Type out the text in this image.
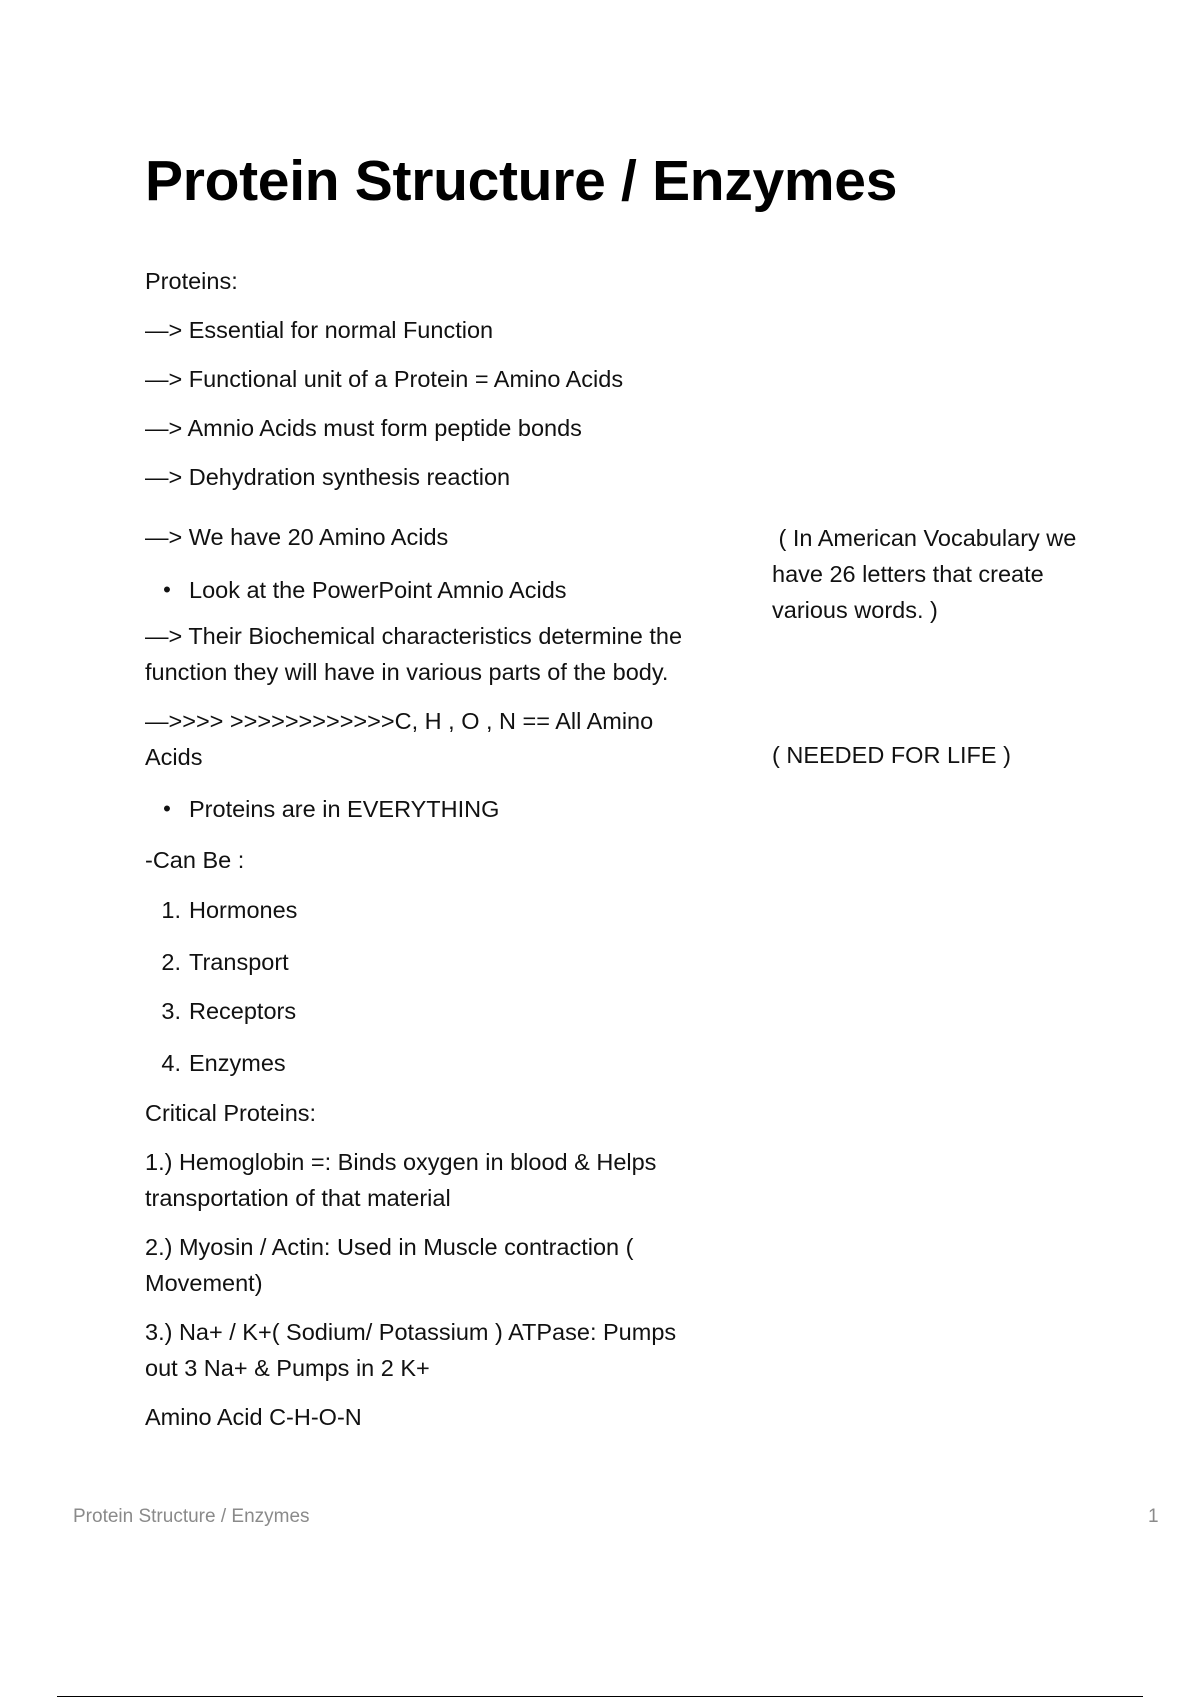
Protein Structure / Enzymes

Proteins:

—> Essential for normal Function

—> Functional unit of a Protein = Amino Acids

—> Amnio Acids must form peptide bonds

—> Dehydration synthesis reaction

—> We have 20 Amino Acids

• Look at the PowerPoint Amnio Acids

—> Their Biochemical characteristics determine the function they will have in various parts of the body.

—>>>> >>>>>>>>>>>>C, H , O , N == All Amino Acids

• Proteins are in EVERYTHING

-Can Be :

1. Hormones
2. Transport
3. Receptors
4. Enzymes

Critical Proteins:

1.) Hemoglobin =: Binds oxygen in blood & Helps transportation of that material

2.) Myosin / Actin: Used in Muscle contraction ( Movement)

3.) Na+ / K+( Sodium/ Potassium ) ATPase: Pumps out 3 Na+ & Pumps in 2 K+

Amino Acid C-H-O-N

( In American Vocabulary we have 26 letters that create various words. )
( NEEDED FOR LIFE )
Protein Structure / Enzymes	1
